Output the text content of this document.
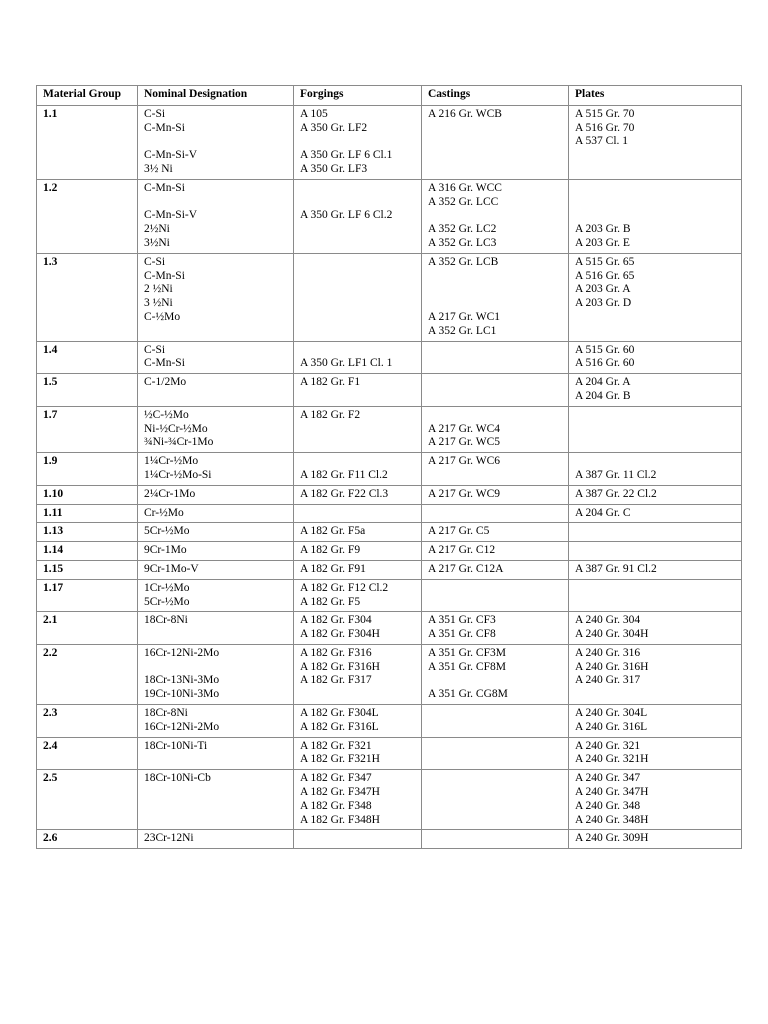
Material Group	Nominal Designation	Forgings	Castings	Plates
1.1	C-Si
C-Mn-Si
C-Mn-Si-V
3½ Ni	A 105
A 350 Gr. LF2
A 350 Gr. LF 6 Cl.1
A 350 Gr. LF3	A 216 Gr. WCB	A 515 Gr. 70
A 516 Gr. 70
A 537 Cl. 1

1.2	C-Mn-Si
C-Mn-Si-V
2½Ni
3½Ni	A 350 Gr. LF 6 Cl.2	A 316 Gr. WCC
A 352 Gr. LCC
A 352 Gr. LC2
A 352 Gr. LC3	A 203 Gr. B
A 203 Gr. E

1.3	C-Si
C-Mn-Si
2 ½Ni
3 ½Ni
C-½Mo		A 352 Gr. LCB
A 217 Gr. WC1
A 352 Gr. LC1	A 515 Gr. 65
A 516 Gr. 65
A 203 Gr. A
A 203 Gr. D

1.4	C-Si
C-Mn-Si	A 350 Gr. LF1 Cl. 1		A 515 Gr. 60
A 516 Gr. 60

1.5	C-1/2Mo	A 182 Gr. F1		A 204 Gr. A
A 204 Gr. B

1.7	½C-½Mo
Ni-½Cr-½Mo
¾Ni-¾Cr-1Mo	A 182 Gr. F2	A 217 Gr. WC4
A 217 Gr. WC5	

1.9	1¼Cr-½Mo
1¼Cr-½Mo-Si	A 182 Gr. F11 Cl.2	A 217 Gr. WC6	A 387 Gr. 11 Cl.2

1.10	2¼Cr-1Mo	A 182 Gr. F22 Cl.3	A 217 Gr. WC9	A 387 Gr. 22 Cl.2

1.11	Cr-½Mo			A 204 Gr. C

1.13	5Cr-½Mo	A 182 Gr. F5a	A 217 Gr. C5	

1.14	9Cr-1Mo	A 182 Gr. F9	A 217 Gr. C12	

1.15	9Cr-1Mo-V	A 182 Gr. F91	A 217 Gr. C12A	A 387 Gr. 91 Cl.2

1.17	1Cr-½Mo
5Cr-½Mo	A 182 Gr. F12 Cl.2
A 182 Gr. F5		

2.1	18Cr-8Ni	A 182 Gr. F304
A 182 Gr. F304H	A 351 Gr. CF3
A 351 Gr. CF8	A 240 Gr. 304
A 240 Gr. 304H

2.2	16Cr-12Ni-2Mo
18Cr-13Ni-3Mo
19Cr-10Ni-3Mo	A 182 Gr. F316
A 182 Gr. F316H
A 182 Gr. F317	A 351 Gr. CF3M
A 351 Gr. CF8M
A 351 Gr. CG8M	A 240 Gr. 316
A 240 Gr. 316H
A 240 Gr. 317

2.3	18Cr-8Ni
16Cr-12Ni-2Mo	A 182 Gr. F304L
A 182 Gr. F316L		A 240 Gr. 304L
A 240 Gr. 316L

2.4	18Cr-10Ni-Ti	A 182 Gr. F321
A 182 Gr. F321H		A 240 Gr. 321
A 240 Gr. 321H

2.5	18Cr-10Ni-Cb	A 182 Gr. F347
A 182 Gr. F347H
A 182 Gr. F348
A 182 Gr. F348H		A 240 Gr. 347
A 240 Gr. 347H
A 240 Gr. 348
A 240 Gr. 348H

2.6	23Cr-12Ni			A 240 Gr. 309H
